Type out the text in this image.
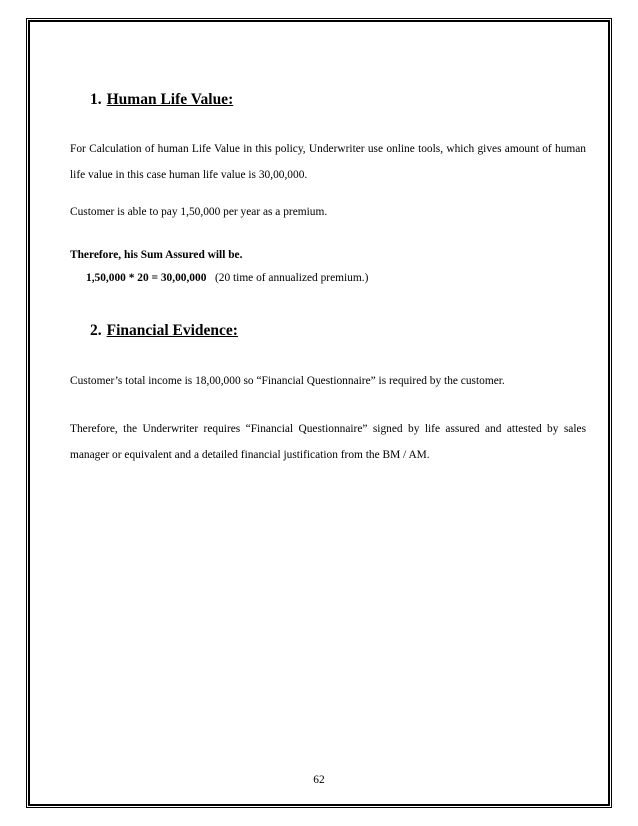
1. Human Life Value:
For Calculation of human Life Value in this policy, Underwriter use online tools, which gives amount of human life value in this case human life value is 30,00,000.
Customer is able to pay 1,50,000 per year as a premium.
Therefore, his Sum Assured will be.
1,50,000 * 20 = 30,00,000 (20 time of annualized premium.)
2. Financial Evidence:
Customer’s total income is 18,00,000 so “Financial Questionnaire” is required by the customer.
Therefore, the Underwriter requires “Financial Questionnaire” signed by life assured and attested by sales manager or equivalent and a detailed financial justification from the BM / AM.
62
